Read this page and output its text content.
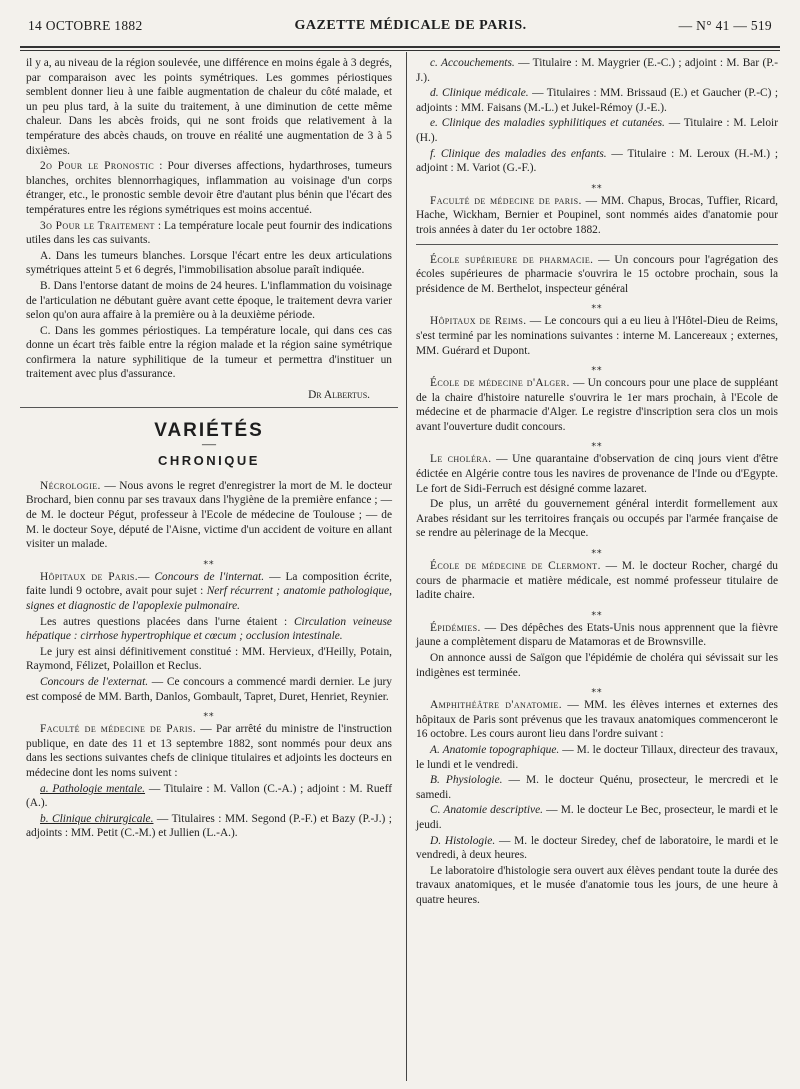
14 OCTOBRE 1882	GAZETTE MÉDICALE DE PARIS.	— N° 41 — 519

il y a, au niveau de la région soulevée, une différence en moins égale à 3 degrés, par comparaison avec les points symétriques. Les gommes périostiques semblent donner lieu à une faible augmentation de chaleur du côté malade, et un peu plus tard, à la suite du traitement, à une diminution de cette même chaleur. Dans les abcès froids, qui ne sont froids que relativement à la température des abcès chauds, on trouve en réalité une augmentation de 3 à 5 dixièmes.

2o Pour le Pronostic : Pour diverses affections, hydarthroses, tumeurs blanches, orchites blennorrhagiques, inflammation au voisinage d'un corps étranger, etc., le pronostic semble devoir être d'autant plus bénin que l'écart des températures entre les régions symétriques est moins accentué.

3o Pour le Traitement : La température locale peut fournir des indications utiles dans les cas suivants.

A. Dans les tumeurs blanches. Lorsque l'écart entre les deux articulations symétriques atteint 5 et 6 degrés, l'immobilisation absolue paraît indiquée.

B. Dans l'entorse datant de moins de 24 heures. L'inflammation du voisinage de l'articulation ne débutant guère avant cette époque, le traitement devra varier selon qu'on aura affaire à la première ou à la deuxième période.

C. Dans les gommes périostiques. La température locale, qui dans ces cas donne un écart très faible entre la région malade et la région saine symétrique confirmera la nature syphilitique de la tumeur et permettra d'instituer un traitement avec plus d'assurance.

Dr Albertus.
VARIÉTÉS
—
CHRONIQUE

Nécrologie. — Nous avons le regret d'enregistrer la mort de M. le docteur Brochard, bien connu par ses travaux dans l'hygiène de la première enfance ; — de M. le docteur Pégut, professeur à l'Ecole de médecine de Toulouse ; — de M. le docteur Soye, député de l'Aisne, victime d'un accident de voiture en allant visiter un malade.

⁎⁎

Hôpitaux de Paris.— Concours de l'internat. — La composition écrite, faite lundi 9 octobre, avait pour sujet : Nerf récurrent ; anatomie pathologique, signes et diagnostic de l'apoplexie pulmonaire.

Les autres questions placées dans l'urne étaient : Circulation veineuse hépatique : cirrhose hypertrophique et cœcum ; occlusion intestinale.

Le jury est ainsi définitivement constitué : MM. Hervieux, d'Heilly, Potain, Raymond, Félizet, Polaillon et Reclus.

Concours de l'externat. — Ce concours a commencé mardi dernier. Le jury est composé de MM. Barth, Danlos, Gombault, Tapret, Duret, Henriet, Reynier.

⁎⁎

Faculté de médecine de Paris. — Par arrêté du ministre de l'instruction publique, en date des 11 et 13 septembre 1882, sont nommés pour deux ans dans les sections suivantes chefs de clinique titulaires et adjoints les docteurs en médecine dont les noms suivent :

a. Pathologie mentale. — Titulaire : M. Vallon (C.-A.) ; adjoint : M. Rueff (A.).

b. Clinique chirurgicale. — Titulaires : MM. Segond (P.-F.) et Bazy (P.-J.) ; adjoints : MM. Petit (C.-M.) et Jullien (L.-A.).

c. Accouchements. — Titulaire : M. Maygrier (E.-C.) ; adjoint : M. Bar (P.-J.).

d. Clinique médicale. — Titulaires : MM. Brissaud (E.) et Gaucher (P.-C) ; adjoints : MM. Faisans (M.-L.) et Jukel-Rémoy (J.-E.).

e. Clinique des maladies syphilitiques et cutanées. — Titulaire : M. Leloir (H.).

f. Clinique des maladies des enfants. — Titulaire : M. Leroux (H.-M.) ; adjoint : M. Variot (G.-F.).

⁎⁎

Faculté de médecine de paris. — MM. Chapus, Brocas, Tuffier, Ricard, Hache, Wickham, Bernier et Poupinel, sont nommés aides d'anatomie pour trois années à dater du 1er octobre 1882.

École supérieure de pharmacie. — Un concours pour l'agrégation des écoles supérieures de pharmacie s'ouvrira le 15 octobre prochain, sous la présidence de M. Berthelot, inspecteur général

⁎⁎

Hôpitaux de Reims. — Le concours qui a eu lieu à l'Hôtel-Dieu de Reims, s'est terminé par les nominations suivantes : interne M. Lancereaux ; externes, MM. Guérard et Dupont.

⁎⁎

École de médecine d'Alger. — Un concours pour une place de suppléant de la chaire d'histoire naturelle s'ouvrira le 1er mars prochain, à l'Ecole de médecine et de pharmacie d'Alger. Le registre d'inscription sera clos un mois avant l'ouverture dudit concours.

⁎⁎

Le choléra. — Une quarantaine d'observation de cinq jours vient d'être édictée en Algérie contre tous les navires de provenance de l'Inde ou d'Egypte. Le fort de Sidi-Ferruch est désigné comme lazaret.

De plus, un arrêté du gouvernement général interdit formellement aux Arabes résidant sur les territoires français ou occupés par l'armée française de se rendre au pèlerinage de la Mecque.

⁎⁎

École de médecine de Clermont. — M. le docteur Rocher, chargé du cours de pharmacie et matière médicale, est nommé professeur titulaire de ladite chaire.

⁎⁎

Épidémies. — Des dépêches des Etats-Unis nous apprennent que la fièvre jaune a complètement disparu de Matamoras et de Brownsville.

On annonce aussi de Saïgon que l'épidémie de choléra qui sévissait sur les indigènes est terminée.

⁎⁎

Amphithéâtre d'anatomie. — MM. les élèves internes et externes des hôpitaux de Paris sont prévenus que les travaux anatomiques commenceront le 16 octobre. Les cours auront lieu dans l'ordre suivant :

A. Anatomie topographique. — M. le docteur Tillaux, directeur des travaux, le lundi et le vendredi.

B. Physiologie. — M. le docteur Quénu, prosecteur, le mercredi et le samedi.

C. Anatomie descriptive. — M. le docteur Le Bec, prosecteur, le mardi et le jeudi.

D. Histologie. — M. le docteur Siredey, chef de laboratoire, le mardi et le vendredi, à deux heures.

Le laboratoire d'histologie sera ouvert aux élèves pendant toute la durée des travaux anatomiques, et le musée d'anatomie tous les jours, de une heure à quatre heures.
